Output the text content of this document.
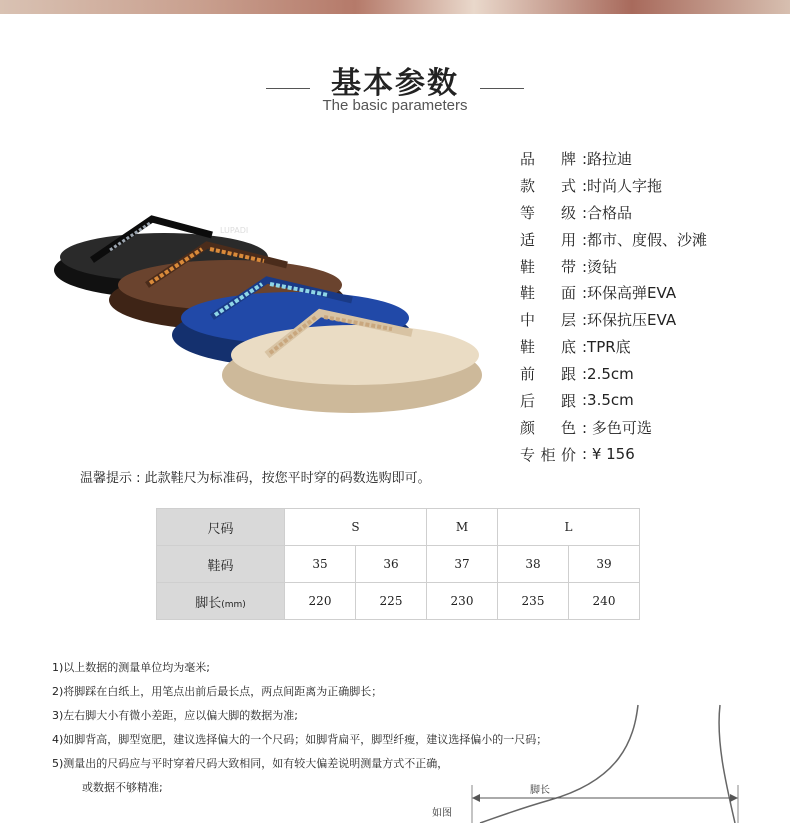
基本参数
The basic parameters
LUPADI
品牌 :路拉迪
款式 :时尚人字拖
等级 :合格品
适用 :都市、度假、沙滩
鞋带 :烫钻
鞋面 :环保高弹EVA
中层 :环保抗压EVA
鞋底 :TPR底
前跟 :2.5cm
后跟 :3.5cm
颜色 : 多色可选
专柜价 : ¥ 156
温馨提示 : 此款鞋尺为标准码，按您平时穿的码数选购即可。
尺码	S		M	L	
鞋码	35	36	37	38	39
脚长(mm)	220	225	230	235	240
脚长
如图
1)以上数据的测量单位均为毫米;
2)将脚踩在白纸上，用笔点出前后最长点，两点间距离为正确脚长；
3)左右脚大小有微小差距，应以偏大脚的数据为准;
4)如脚背高，脚型宽肥，建议选择偏大的一个尺码；如脚背扁平，脚型纤瘦，建议选择偏小的一尺码；
5)测量出的尺码应与平时穿着尺码大致相同，如有较大偏差说明测量方式不正确，
或数据不够精准;
